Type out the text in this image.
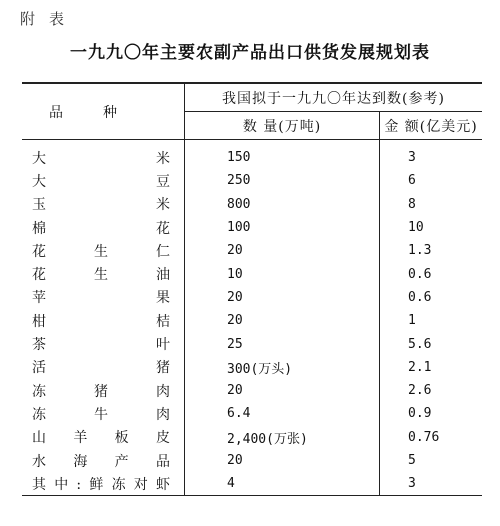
附表
一九九〇年主要农副产品出口供货发展规划表
品种	我国拟于一九九〇年达到数(参考)	
	数 量(万吨)	金 额(亿美元)
大米	150	3
大豆	250	6
玉米	800	8
棉花	100	10
花生仁	20	1.3
花生油	10	0.6
苹果	20	0.6
柑桔	20	1
茶叶	25	5.6
活猪	300(万头)	2.1
冻猪肉	20	2.6
冻牛肉	6.4	0.9
山羊板皮	2,400(万张)	0.76
水海产品	20	5
其中:鲜冻对虾	4	3
